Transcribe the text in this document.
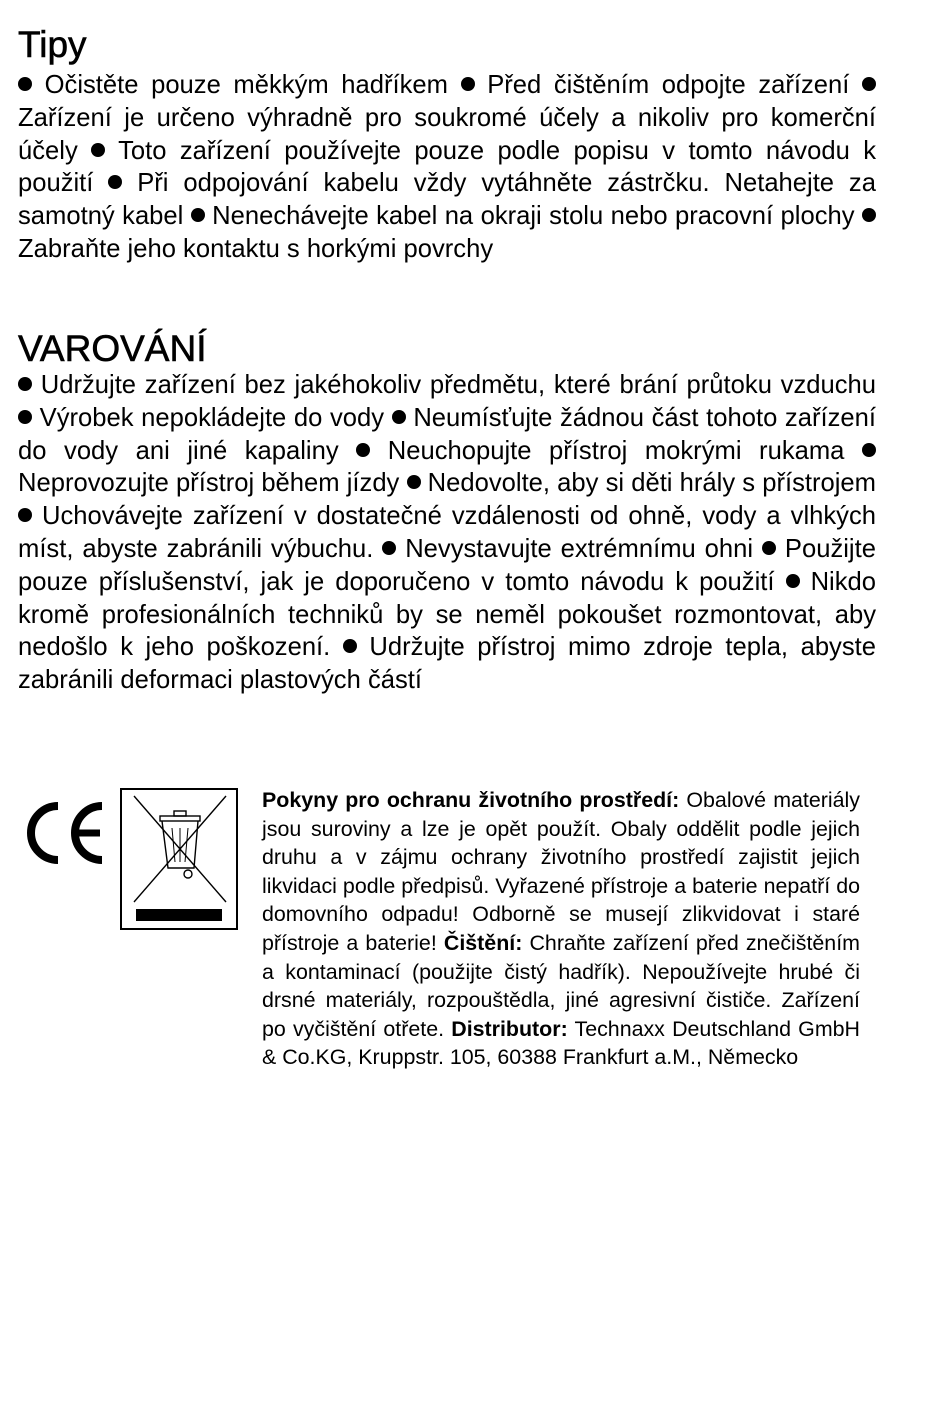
Tipy

Očistěte pouze měkkým hadříkem Před čištěním odpojte zařízení  Zařízení je určeno výhradně pro soukromé účely a nikoliv pro komerční účely Toto zařízení používejte pouze podle popisu v tomto návodu k použití Při odpojování kabelu vždy vytáhněte zástrčku. Netahejte za samotný kabel Nenechávejte kabel na okraji stolu nebo pracovní plochy  Zabraňte jeho kontaktu s horkými povrchy

VAROVÁNÍ

Udržujte zařízení bez jakéhokoliv předmětu, které brání průtoku vzduchu  Výrobek nepokládejte do vody Neumísťujte žádnou část tohoto zařízení do vody ani jiné kapaliny Neuchopujte přístroj mokrými rukama  Neprovozujte přístroj během jízdy Nedovolte, aby si děti hrály s přístrojem  Uchovávejte zařízení v dostatečné vzdálenosti od ohně, vody a vlhkých míst, abyste zabránili výbuchu. Nevystavujte extrémnímu ohni Použijte pouze příslušenství, jak je doporučeno v tomto návodu k použití Nikdo kromě profesionálních techniků by se neměl pokoušet rozmontovat, aby nedošlo k jeho poškození. Udržujte přístroj mimo zdroje tepla, abyste zabránili deformaci plastových částí

Pokyny pro ochranu životního prostředí: Obalové materiály jsou suroviny a lze je opět použít. Obaly oddělit podle jejich druhu a v zájmu ochrany životního prostředí zajistit jejich likvidaci podle předpisů. Vyřazené přístroje a baterie nepatří do domovního odpadu! Odborně se musejí zlikvidovat i staré přístroje a baterie! Čištění: Chraňte zařízení před znečištěním a kontaminací (použijte čistý hadřík). Nepoužívejte hrubé či drsné materiály, rozpouštědla, jiné agresivní čističe. Zařízení po vyčištění otřete. Distributor: Technaxx Deutschland GmbH & Co.KG, Kruppstr. 105, 60388 Frankfurt a.M., Německo
